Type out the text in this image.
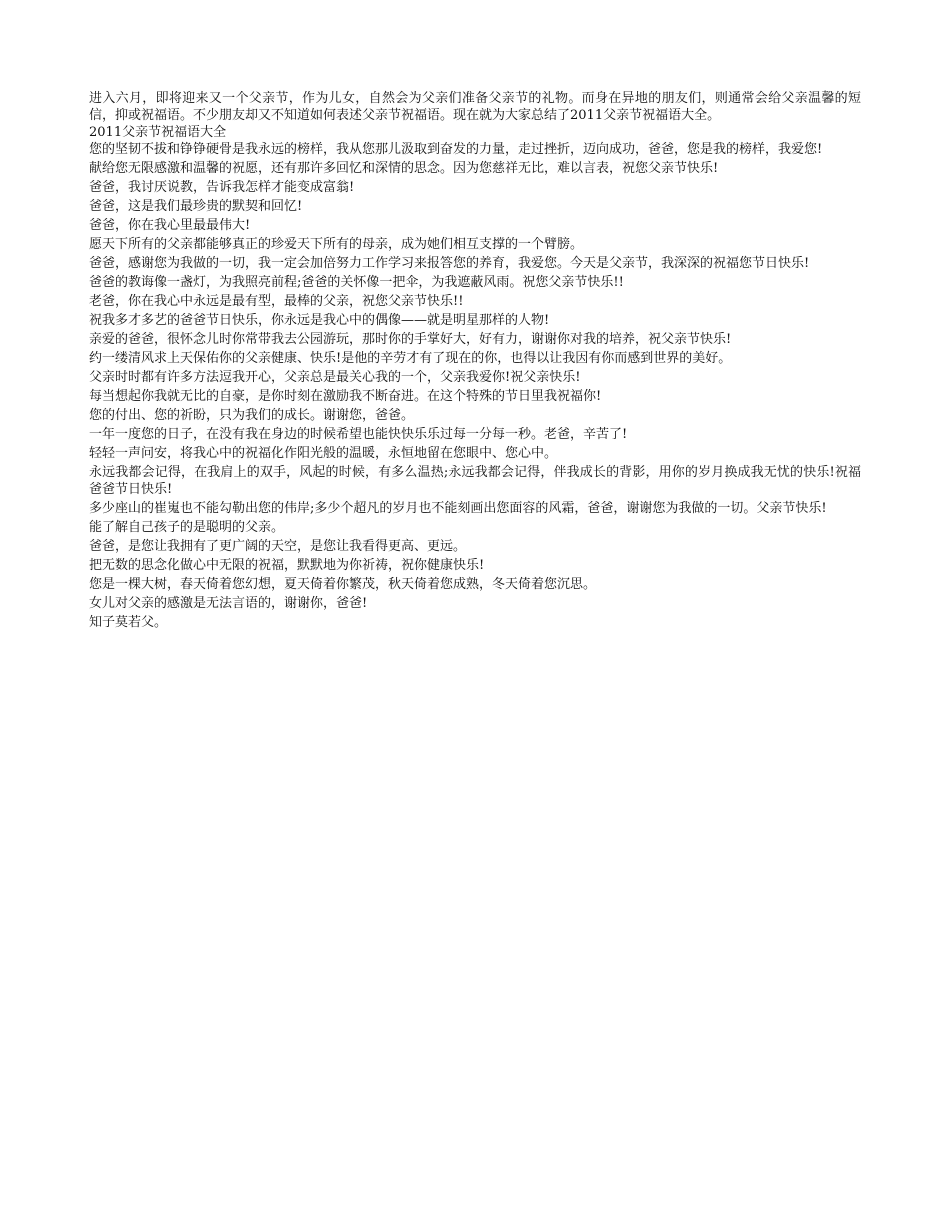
进入六月，即将迎来又一个父亲节，作为儿女，自然会为父亲们准备父亲节的礼物。而身在异地的朋友们，则通常会给父亲温馨的短信，抑或祝福语。不少朋友却又不知道如何表述父亲节祝福语。现在就为大家总结了2011父亲节祝福语大全。

2011父亲节祝福语大全

您的坚韧不拔和铮铮硬骨是我永远的榜样，我从您那儿汲取到奋发的力量，走过挫折，迈向成功，爸爸，您是我的榜样，我爱您!

献给您无限感激和温馨的祝愿，还有那许多回忆和深情的思念。因为您慈祥无比，难以言表，祝您父亲节快乐!

爸爸，我讨厌说教，告诉我怎样才能变成富翁!

爸爸，这是我们最珍贵的默契和回忆!

爸爸，你在我心里最最伟大!

愿天下所有的父亲都能够真正的珍爱天下所有的母亲，成为她们相互支撑的一个臂膀。

爸爸，感谢您为我做的一切，我一定会加倍努力工作学习来报答您的养育，我爱您。今天是父亲节，我深深的祝福您节日快乐!

爸爸的教诲像一盏灯，为我照亮前程;爸爸的关怀像一把伞，为我遮蔽风雨。祝您父亲节快乐!!

老爸，你在我心中永远是最有型，最棒的父亲，祝您父亲节快乐!!

祝我多才多艺的爸爸节日快乐，你永远是我心中的偶像——就是明星那样的人物!

亲爱的爸爸，很怀念儿时你常带我去公园游玩，那时你的手掌好大，好有力，谢谢你对我的培养，祝父亲节快乐!

约一缕清风求上天保佑你的父亲健康、快乐!是他的辛劳才有了现在的你，也得以让我因有你而感到世界的美好。

父亲时时都有许多方法逗我开心，父亲总是最关心我的一个，父亲我爱你!祝父亲快乐!

每当想起你我就无比的自豪，是你时刻在激励我不断奋进。在这个特殊的节日里我祝福你!

您的付出、您的祈盼，只为我们的成长。谢谢您，爸爸。

一年一度您的日子，在没有我在身边的时候希望也能快快乐乐过每一分每一秒。老爸，辛苦了!

轻轻一声问安，将我心中的祝福化作阳光般的温暖，永恒地留在您眼中、您心中。

永远我都会记得，在我肩上的双手，风起的时候，有多么温热;永远我都会记得，伴我成长的背影，用你的岁月换成我无忧的快乐!祝福爸爸节日快乐!

多少座山的崔嵬也不能勾勒出您的伟岸;多少个超凡的岁月也不能刻画出您面容的风霜，爸爸，谢谢您为我做的一切。父亲节快乐!

能了解自己孩子的是聪明的父亲。

爸爸，是您让我拥有了更广阔的天空，是您让我看得更高、更远。

把无数的思念化做心中无限的祝福，默默地为你祈祷，祝你健康快乐!

您是一棵大树，春天倚着您幻想，夏天倚着你繁茂，秋天倚着您成熟，冬天倚着您沉思。

女儿对父亲的感激是无法言语的，谢谢你，爸爸!

知子莫若父。
